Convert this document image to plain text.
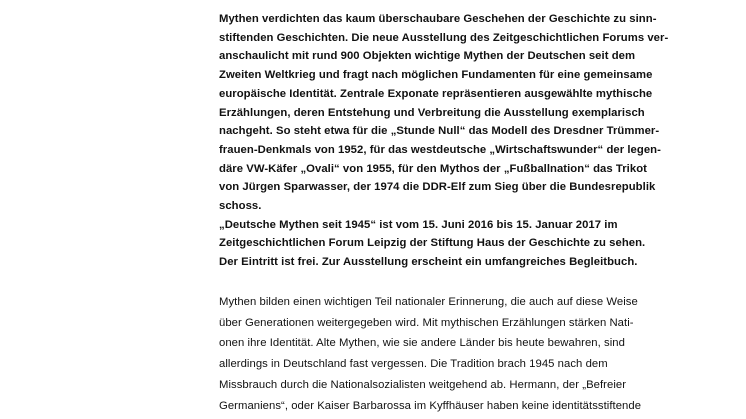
Mythen verdichten das kaum überschaubare Geschehen der Geschichte zu sinn-
stiftenden Geschichten. Die neue Ausstellung des Zeitgeschichtlichen Forums ver-
anschaulicht mit rund 900 Objekten wichtige Mythen der Deutschen seit dem
Zweiten Weltkrieg und fragt nach möglichen Fundamenten für eine gemeinsame
europäische Identität. Zentrale Exponate repräsentieren ausgewählte mythische
Erzählungen, deren Entstehung und Verbreitung die Ausstellung exemplarisch
nachgeht. So steht etwa für die „Stunde Null“ das Modell des Dresdner Trümmer-
frauen-Denkmals von 1952, für das westdeutsche „Wirtschaftswunder“ der legen-
däre VW-Käfer „Ovali“ von 1955, für den Mythos der „Fußballnation“ das Trikot
von Jürgen Sparwasser, der 1974 die DDR-Elf zum Sieg über die Bundesrepublik
schoss.
„Deutsche Mythen seit 1945“ ist vom 15. Juni 2016 bis 15. Januar 2017 im
Zeitgeschichtlichen Forum Leipzig der Stiftung Haus der Geschichte zu sehen.
Der Eintritt ist frei. Zur Ausstellung erscheint ein umfangreiches Begleitbuch.
Mythen bilden einen wichtigen Teil nationaler Erinnerung, die auch auf diese Weise
über Generationen weitergegeben wird. Mit mythischen Erzählungen stärken Nati-
onen ihre Identität. Alte Mythen, wie sie andere Länder bis heute bewahren, sind
allerdings in Deutschland fast vergessen. Die Tradition brach 1945 nach dem
Missbrauch durch die Nationalsozialisten weitgehend ab. Hermann, der „Befreier
Germaniens“, oder Kaiser Barbarossa im Kyffhäuser haben keine identitätsstiftende
